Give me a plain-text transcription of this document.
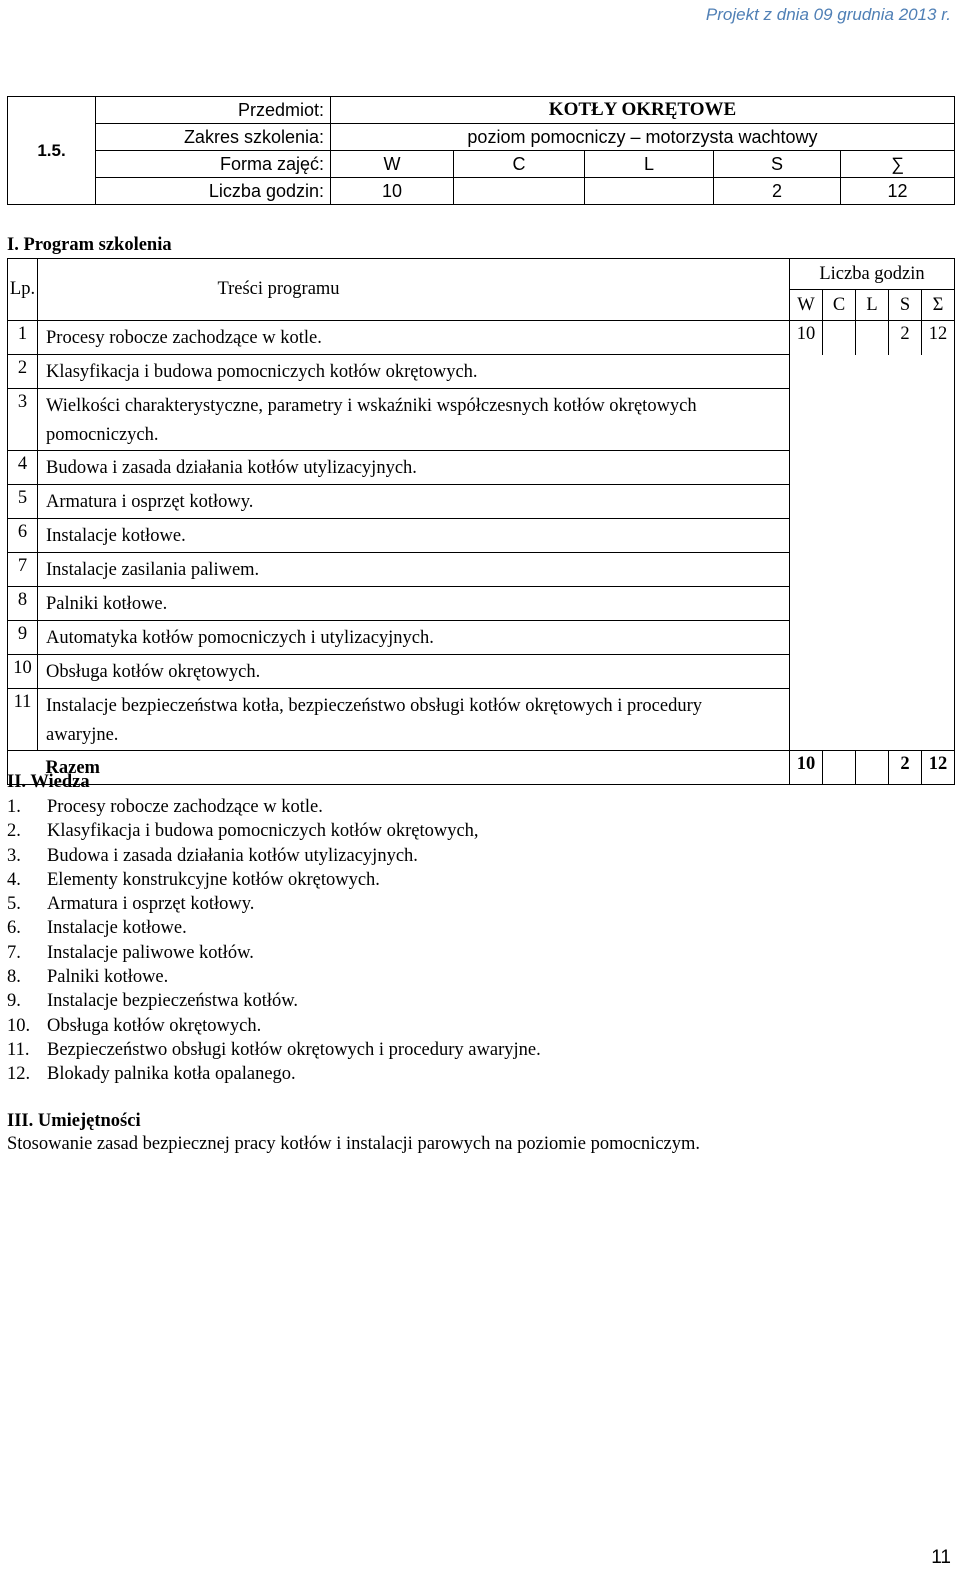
Projekt z dnia 09 grudnia 2013 r.
1.5.	Przedmiot:	KOTŁY OKRĘTOWE				
	Zakres szkolenia:	poziom pomocniczy – motorzysta wachtowy				
	Forma zajęć:	W	C	L	S	∑
	Liczba godzin:	10			2	12
I. Program szkolenia
Lp.	Treści programu	Liczba godzin				
		W	C	L	S	Σ
1	Procesy robocze zachodzące w kotle.	10			2	12
2	Klasyfikacja i budowa pomocniczych kotłów okrętowych.					
3	Wielkości charakterystyczne, parametry i wskaźniki współczesnych kotłów okrętowych pomocniczych.					
4	Budowa i zasada działania kotłów utylizacyjnych.					
5	Armatura i osprzęt kotłowy.					
6	Instalacje kotłowe.					
7	Instalacje zasilania paliwem.					
8	Palniki kotłowe.					
9	Automatyka kotłów pomocniczych i utylizacyjnych.					
10	Obsługa kotłów okrętowych.					
11	Instalacje bezpieczeństwa kotła, bezpieczeństwo obsługi kotłów okrętowych i procedury awaryjne.					
	Razem	10			2	12
II. Wiedza
1. Procesy robocze zachodzące w kotle.
2. Klasyfikacja i budowa pomocniczych kotłów okrętowych,
3. Budowa i zasada działania kotłów utylizacyjnych.
4. Elementy konstrukcyjne kotłów okrętowych.
5. Armatura i osprzęt kotłowy.
6. Instalacje kotłowe.
7. Instalacje paliwowe kotłów.
8. Palniki kotłowe.
9. Instalacje bezpieczeństwa kotłów.
10. Obsługa kotłów okrętowych.
11. Bezpieczeństwo obsługi kotłów okrętowych i procedury awaryjne.
12. Blokady palnika kotła opalanego.
III. Umiejętności
Stosowanie zasad bezpiecznej pracy kotłów i instalacji parowych na poziomie pomocniczym.
11
